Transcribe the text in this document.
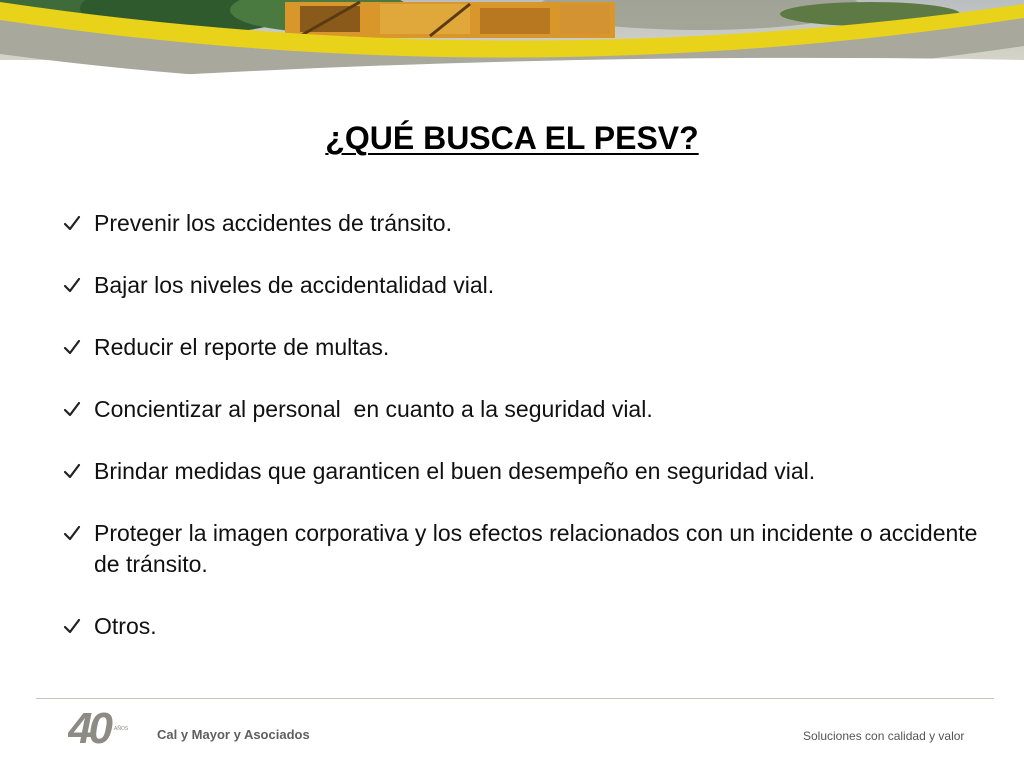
¿QUÉ BUSCA EL PESV?
Prevenir los accidentes de tránsito.
Bajar los niveles de accidentalidad vial.
Reducir el reporte de multas.
Concientizar al personal  en cuanto a la seguridad vial.
Brindar medidas que garanticen el buen desempeño en seguridad vial.
Proteger la imagen corporativa y los efectos relacionados con un incidente o accidente de tránsito.
Otros.
40	AÑOS Cal y Mayor y Asociados	Soluciones con calidad y valor
